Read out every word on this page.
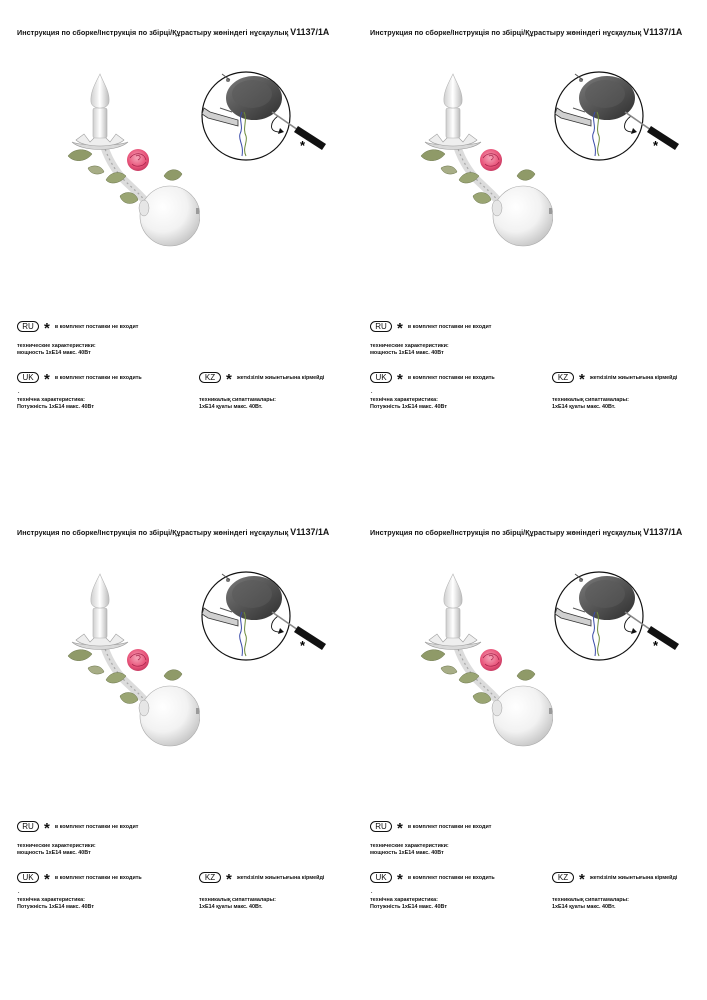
Инструкция по сборке/Інструкція по збірці/Құрастыру жөніндегі нұсқаулық V1137/1A
*
RU * в комплект поставки не входит
технические характеристики:
мощность 1хЕ14 макс. 40Вт
UK * в комплект поставки не входить
.
технічна характеристика:
Потужність 1хЕ14 макс. 40Вт
KZ * жеткізілім жиынтығына кірмейді
техникалық сипаттамалары:
1хЕ14 қуаты макс. 40Вт.
Инструкция по сборке/Інструкція по збірці/Құрастыру жөніндегі нұсқаулық V1137/1A
*
RU * в комплект поставки не входит
технические характеристики:
мощность 1хЕ14 макс. 40Вт
UK * в комплект поставки не входить
.
технічна характеристика:
Потужність 1хЕ14 макс. 40Вт
KZ * жеткізілім жиынтығына кірмейді
техникалық сипаттамалары:
1хЕ14 қуаты макс. 40Вт.
Инструкция по сборке/Інструкція по збірці/Құрастыру жөніндегі нұсқаулық V1137/1A
*
RU * в комплект поставки не входит
технические характеристики:
мощность 1хЕ14 макс. 40Вт
UK * в комплект поставки не входить
.
технічна характеристика:
Потужність 1хЕ14 макс. 40Вт
KZ * жеткізілім жиынтығына кірмейді
техникалық сипаттамалары:
1хЕ14 қуаты макс. 40Вт.
Инструкция по сборке/Інструкція по збірці/Құрастыру жөніндегі нұсқаулық V1137/1A
*
RU * в комплект поставки не входит
технические характеристики:
мощность 1хЕ14 макс. 40Вт
UK * в комплект поставки не входить
.
технічна характеристика:
Потужність 1хЕ14 макс. 40Вт
KZ * жеткізілім жиынтығына кірмейді
техникалық сипаттамалары:
1хЕ14 қуаты макс. 40Вт.
